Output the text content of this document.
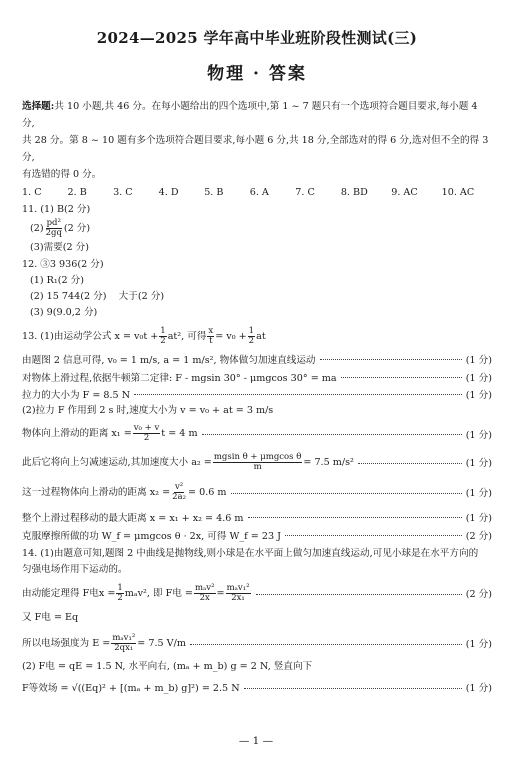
2024—2025 学年高中毕业班阶段性测试(三)
物理 · 答案
选择题:共 10 小题,共 46 分。在每小题给出的四个选项中,第 1 ~ 7 题只有一个选项符合题目要求,每小题 4 分,
共 28 分。第 8 ~ 10 题有多个选项符合题目要求,每小题 6 分,共 18 分,全部选对的得 6 分,选对但不全的得 3 分,
有选错的得 0 分。
1. C	2. B	3. C	4. D	5. B	6. A	7. C	8. BD	9. AC	10. AC
11. (1) B(2 分)
$(2) \frac{\text{pd²}}{2gq} (2$ 分)
(3)需要(2 分)
12. ③3 936(2 分)
(1) R₁(2 分)
(2) 15 744(2 分)    大于(2 分)
(3) 9(9.0,2 分)
13. (1)由运动学公式 $x = v_0t + \frac{1}{2} at^2$, 可得 $\frac{x}{t} = v_0 + \frac{1}{2}$ at
由题图 2 信息可得, v₀ = 1 m/s, a = 1 m/s², 物体做匀加速直线运动	(1 分)
对物体上滑过程,依据牛顿第二定律: F - mgsin 30° - μmgcos 30° = ma	(1 分)
拉力的大小为 F = 8.5 N	(1 分)
(2)拉力 F 作用到 2 s 时,速度大小为 v = v₀ + at = 3 m/s
物体向上滑动的距离 $x_1 = \frac{\text{v₀ + v}}{2}$ t = 4 m	(1 分)
此后它将向上匀减速运动,其加速度大小 $a_2 = \frac{\text{mgsin θ + μmgcos θ}}{m} = 7.5$ m/s²	(1 分)
这一过程物体向上滑动的距离 $x_2 = \frac{\text{v²}}{\text{2a₂}} = 0.6$ m	(1 分)
整个上滑过程移动的最大距离 x = x₁ + x₂ = 4.6 m	(1 分)
克服摩擦所做的功 W_f = μmgcos θ · 2x, 可得 W_f = 23 J	(2 分)
14. (1)由题意可知,题图 2 中曲线是抛物线,则小球是在水平面上做匀加速直线运动,可见小球是在水平方向的
匀强电场作用下运动的。
由动能定理得 F电$x = \frac{1}{2} m_av^2$, 即 F电 = $\frac{\text{mₐv²}}{2x} = \frac{\text{mₐv₁²}}{\text{2x₁}}$	(2 分)
又 F电 = Eq
所以电场强度为 $E = \frac{\text{mₐv₁²}}{\text{2qx₁}} = 7.5$ V/m	(1 分)
(2) F电 = qE = 1.5 N, 水平向右, (mₐ + m_b) g = 2 N, 竖直向下
F等效场 = √((Eq)² + [(mₐ + m_b) g]²) = 2.5 N	(1 分)
— 1 —
